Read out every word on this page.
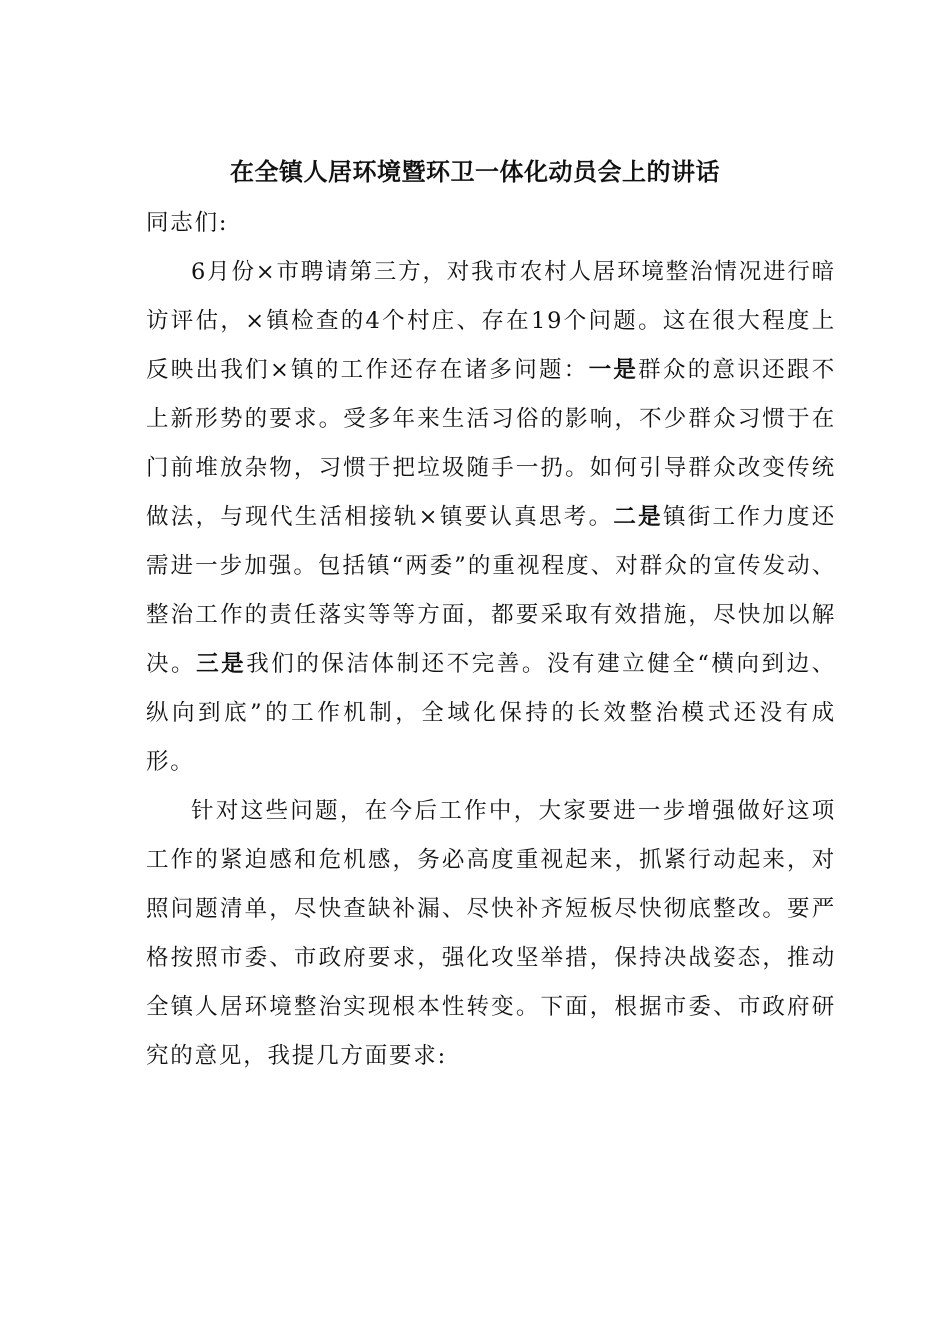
在全镇人居环境暨环卫一体化动员会上的讲话

同志们:

6月份×市聘请第三方，对我市农村人居环境整治情况进行暗访评估，×镇检查的4个村庄、存在19个问题。这在很大程度上反映出我们×镇的工作还存在诸多问题：一是群众的意识还跟不上新形势的要求。受多年来生活习俗的影响，不少群众习惯于在门前堆放杂物，习惯于把垃圾随手一扔。如何引导群众改变传统做法，与现代生活相接轨×镇要认真思考。二是镇街工作力度还需进一步加强。包括镇“两委”的重视程度、对群众的宣传发动、整治工作的责任落实等等方面，都要采取有效措施，尽快加以解决。三是我们的保洁体制还不完善。没有建立健全“横向到边、纵向到底”的工作机制，全域化保持的长效整治模式还没有成形。

针对这些问题，在今后工作中，大家要进一步增强做好这项工作的紧迫感和危机感，务必高度重视起来，抓紧行动起来，对照问题清单，尽快查缺补漏、尽快补齐短板尽快彻底整改。要严格按照市委、市政府要求，强化攻坚举措，保持决战姿态，推动全镇人居环境整治实现根本性转变。下面，根据市委、市政府研究的意见，我提几方面要求:
